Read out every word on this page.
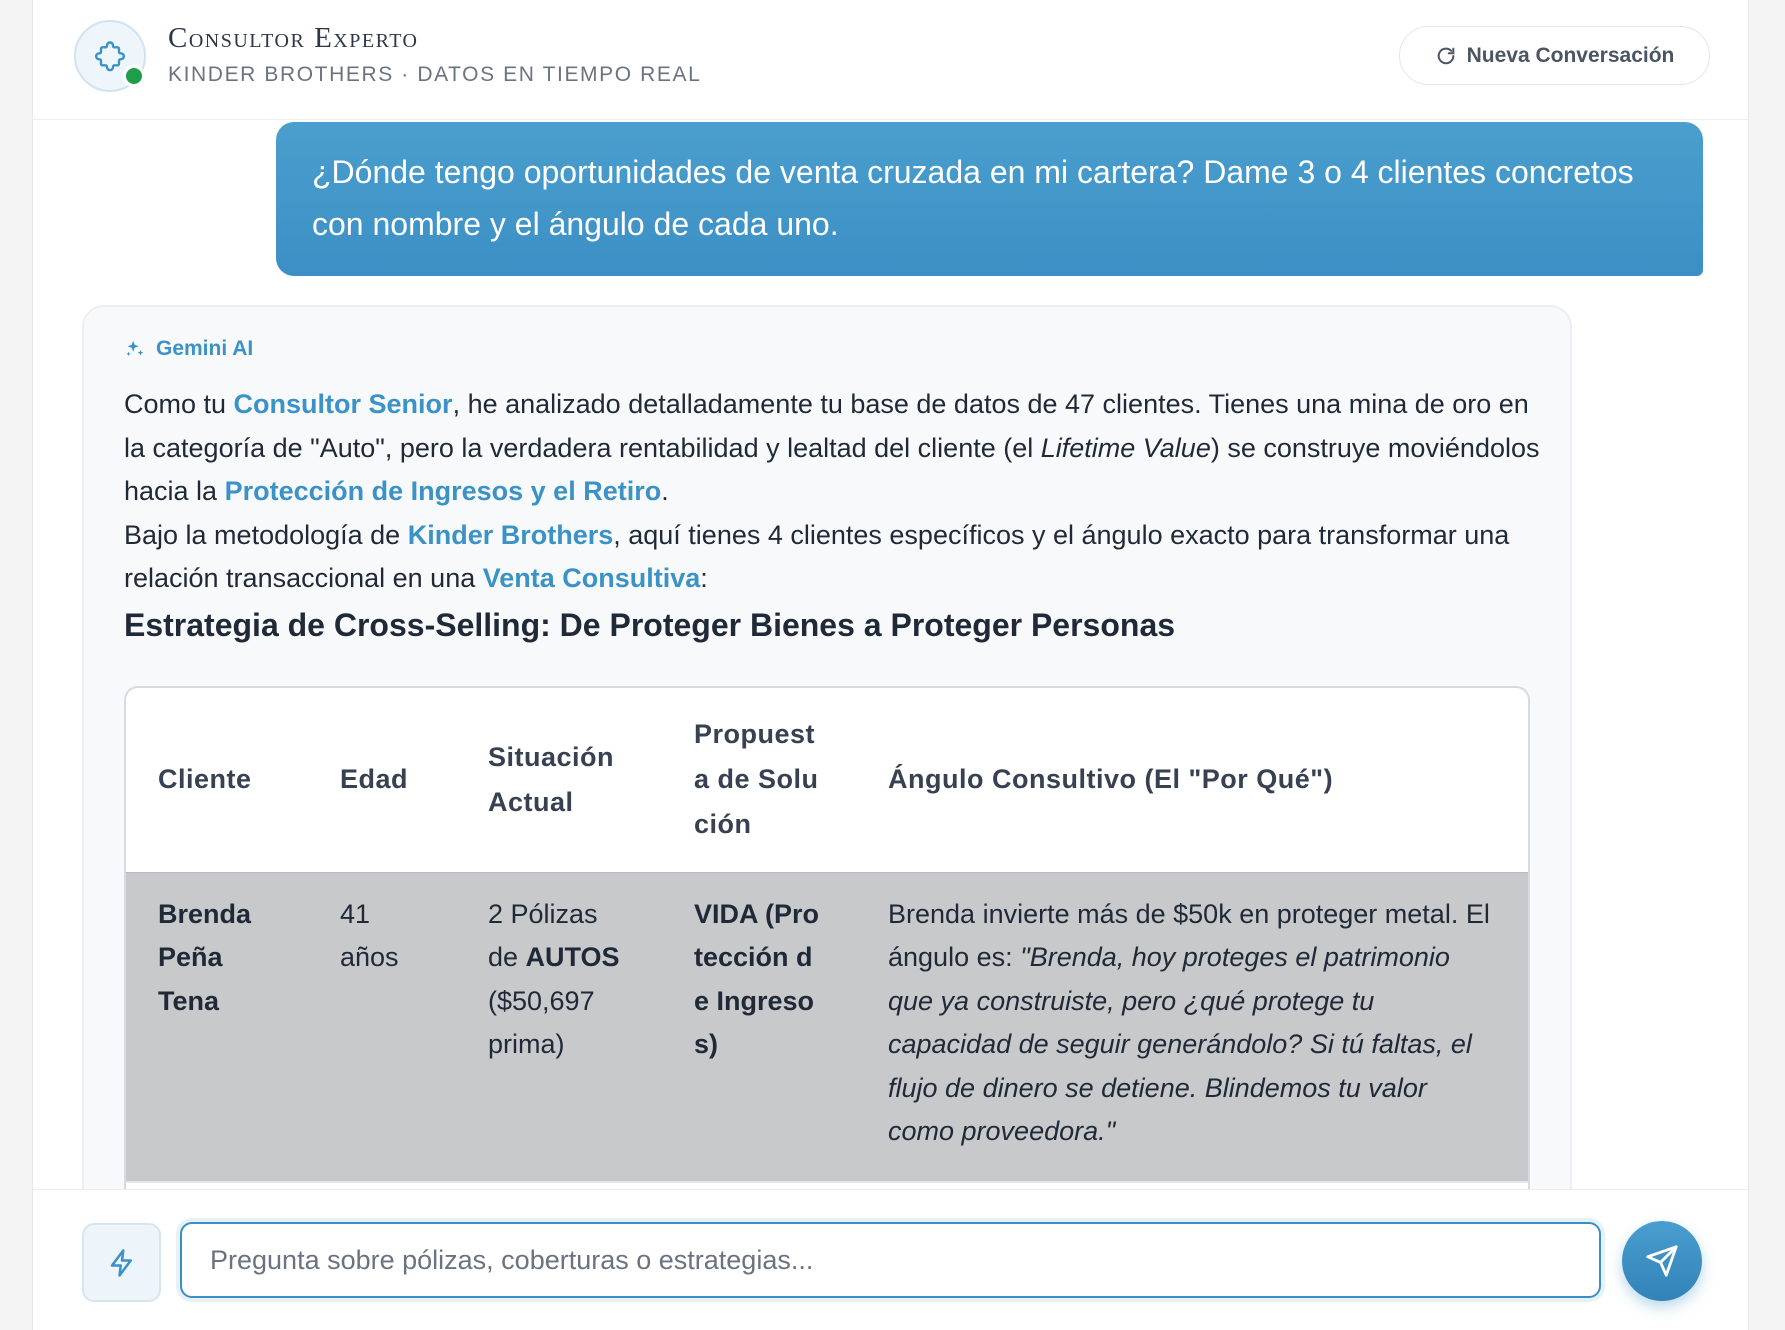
Consultor Experto
KINDER BROTHERS · DATOS EN TIEMPO REAL
Nueva Conversación
¿Dónde tengo oportunidades de venta cruzada en mi cartera? Dame 3 o 4 clientes concretos con nombre y el ángulo de cada uno.
Gemini AI

Como tu Consultor Senior, he analizado detalladamente tu base de datos de 47 clientes. Tienes una mina de oro en la categoría de "Auto", pero la verdadera rentabilidad y lealtad del cliente (el Lifetime Value) se construye moviéndolos hacia la Protección de Ingresos y el Retiro.

Bajo la metodología de Kinder Brothers, aquí tienes 4 clientes específicos y el ángulo exacto para transformar una relación transaccional en una Venta Consultiva:

Estrategia de Cross-Selling: De Proteger Bienes a Proteger Personas
Cliente	Edad	Situación Actual	Propuesta de Solución	Ángulo Consultivo (El "Por Qué")
Brenda Peña Tena	41 años	2 Pólizas de AUTOS ($50,697 prima)	VIDA (Protección de Ingresos)	Brenda invierte más de $50k en proteger metal. El ángulo es: "Brenda, hoy proteges el patrimonio que ya construiste, pero ¿qué protege tu capacidad de seguir generándolo? Si tú faltas, el flujo de dinero se detiene. Blindemos tu valor como proveedora."
Pregunta sobre pólizas, coberturas o estrategias...
